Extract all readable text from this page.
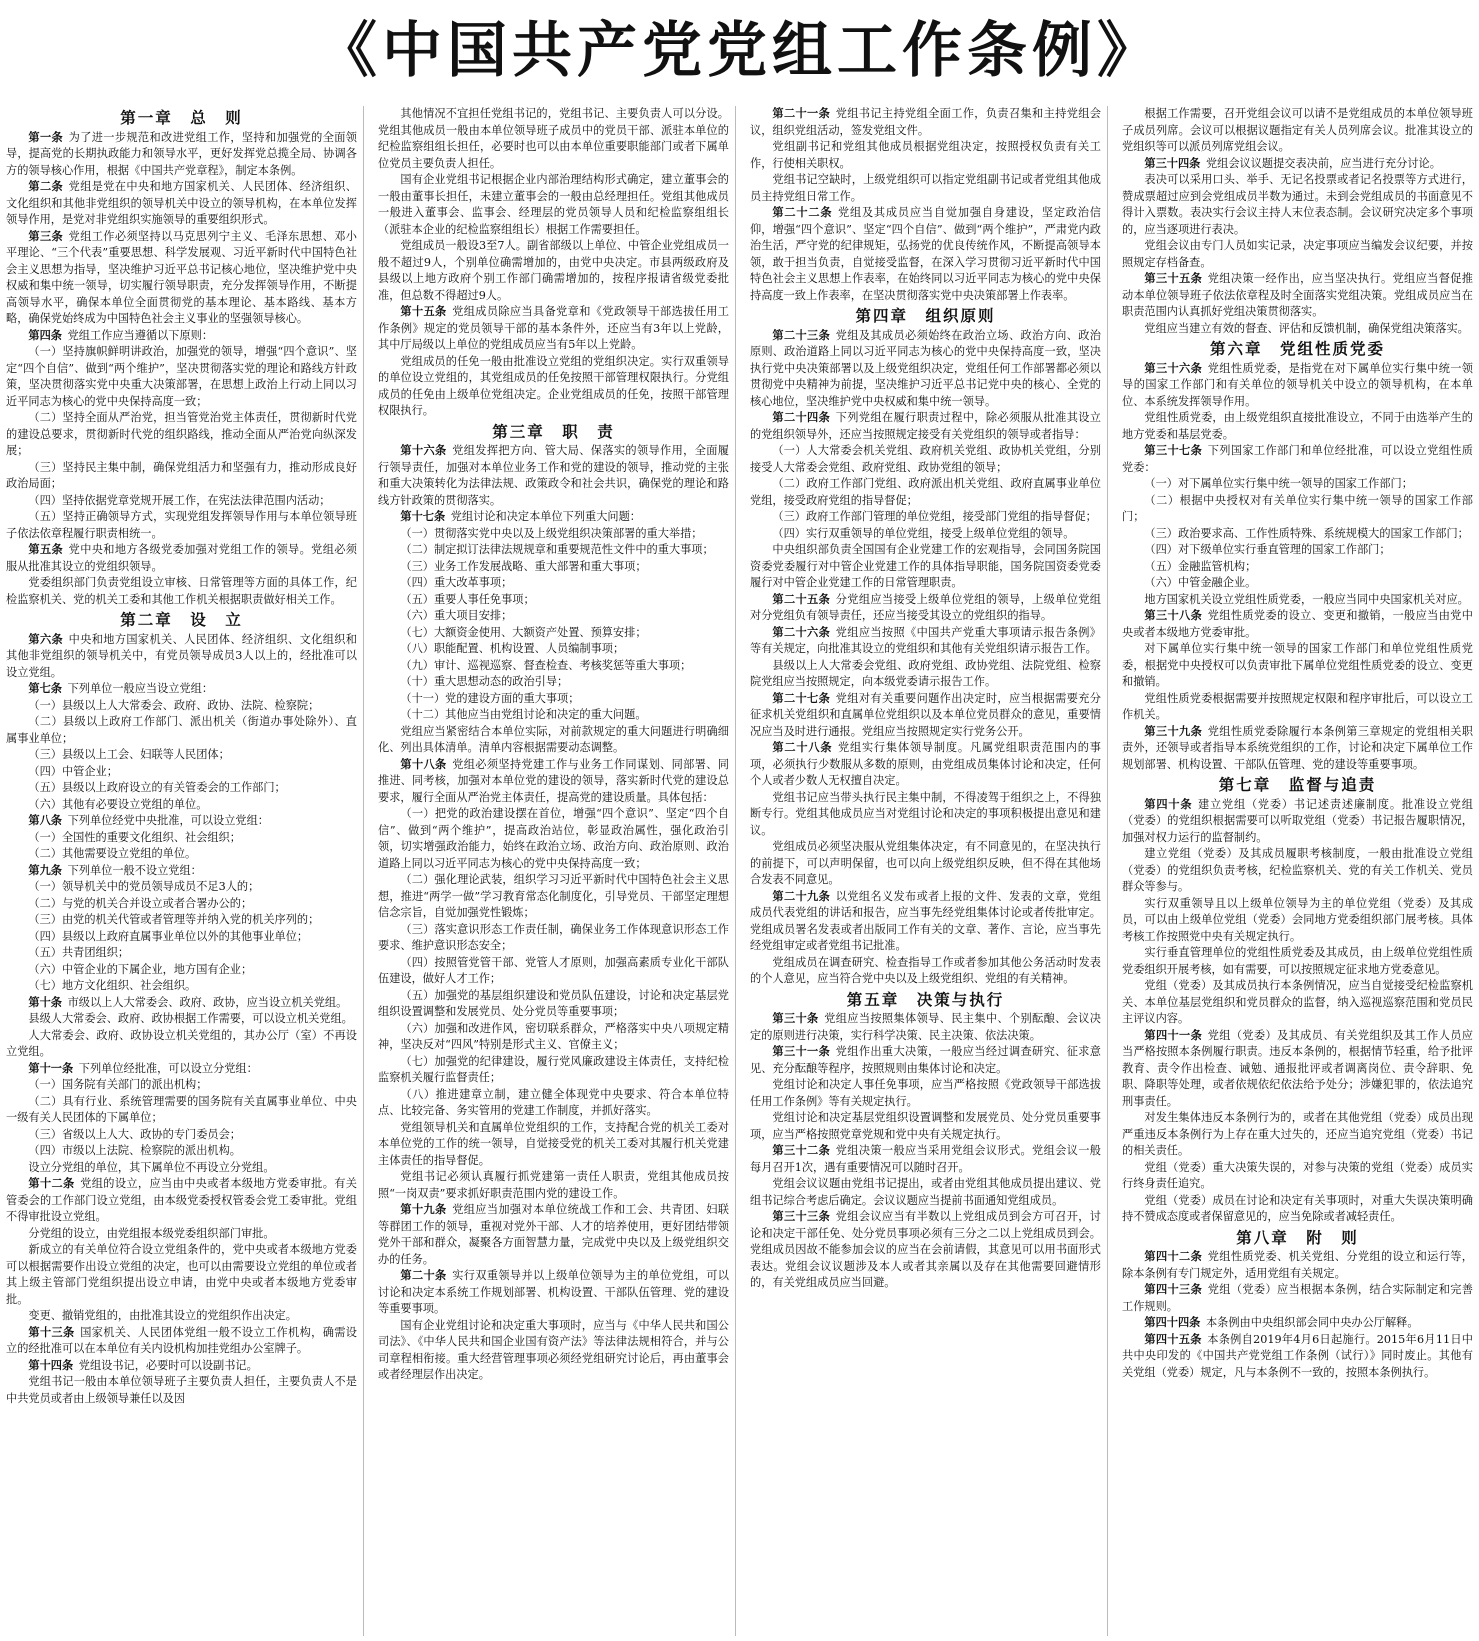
《中国共产党党组工作条例》
第一章　总　则

第一条 为了进一步规范和改进党组工作，坚持和加强党的全面领导，提高党的长期执政能力和领导水平，更好发挥党总揽全局、协调各方的领导核心作用，根据《中国共产党章程》，制定本条例。

第二条 党组是党在中央和地方国家机关、人民团体、经济组织、文化组织和其他非党组织的领导机关中设立的领导机构，在本单位发挥领导作用，是党对非党组织实施领导的重要组织形式。

第三条 党组工作必须坚持以马克思列宁主义、毛泽东思想、邓小平理论、“三个代表”重要思想、科学发展观、习近平新时代中国特色社会主义思想为指导，坚决维护习近平总书记核心地位，坚决维护党中央权威和集中统一领导，切实履行领导职责，充分发挥领导作用，不断提高领导水平，确保本单位全面贯彻党的基本理论、基本路线、基本方略，确保党始终成为中国特色社会主义事业的坚强领导核心。

第四条 党组工作应当遵循以下原则：

（一）坚持旗帜鲜明讲政治，加强党的领导，增强“四个意识”、坚定“四个自信”、做到“两个维护”，坚决贯彻落实党的理论和路线方针政策，坚决贯彻落实党中央重大决策部署，在思想上政治上行动上同以习近平同志为核心的党中央保持高度一致；

（二）坚持全面从严治党，担当管党治党主体责任，贯彻新时代党的建设总要求，贯彻新时代党的组织路线，推动全面从严治党向纵深发展；

（三）坚持民主集中制，确保党组活力和坚强有力，推动形成良好政治局面；

（四）坚持依据党章党规开展工作，在宪法法律范围内活动；

（五）坚持正确领导方式，实现党组发挥领导作用与本单位领导班子依法依章程履行职责相统一。

第五条 党中央和地方各级党委加强对党组工作的领导。党组必须服从批准其设立的党组织领导。

党委组织部门负责党组设立审核、日常管理等方面的具体工作，纪检监察机关、党的机关工委和其他工作机关根据职责做好相关工作。

第二章　设　立

第六条 中央和地方国家机关、人民团体、经济组织、文化组织和其他非党组织的领导机关中，有党员领导成员3人以上的，经批准可以设立党组。

第七条 下列单位一般应当设立党组：

（一）县级以上人大常委会、政府、政协、法院、检察院；

（二）县级以上政府工作部门、派出机关（街道办事处除外）、直属事业单位；

（三）县级以上工会、妇联等人民团体；

（四）中管企业；

（五）县级以上政府设立的有关管委会的工作部门；

（六）其他有必要设立党组的单位。

第八条 下列单位经党中央批准，可以设立党组：

（一）全国性的重要文化组织、社会组织；

（二）其他需要设立党组的单位。

第九条 下列单位一般不设立党组：

（一）领导机关中的党员领导成员不足3人的；

（二）与党的机关合并设立或者合署办公的；

（三）由党的机关代管或者管理等并纳入党的机关序列的；

（四）县级以上政府直属事业单位以外的其他事业单位；

（五）共青团组织；

（六）中管企业的下属企业，地方国有企业；

（七）地方文化组织、社会组织。

第十条 市级以上人大常委会、政府、政协，应当设立机关党组。

县级人大常委会、政府、政协根据工作需要，可以设立机关党组。

人大常委会、政府、政协设立机关党组的，其办公厅（室）不再设立党组。

第十一条 下列单位经批准，可以设立分党组：

（一）国务院有关部门的派出机构；

（二）具有行业、系统管理需要的国务院有关直属事业单位、中央一级有关人民团体的下属单位；

（三）省级以上人大、政协的专门委员会；

（四）市级以上法院、检察院的派出机构。

设立分党组的单位，其下属单位不再设立分党组。

第十二条 党组的设立，应当由中央或者本级地方党委审批。有关管委会的工作部门设立党组，由本级党委授权管委会党工委审批。党组不得审批设立党组。

分党组的设立，由党组报本级党委组织部门审批。

新成立的有关单位符合设立党组条件的，党中央或者本级地方党委可以根据需要作出设立党组的决定，也可以由需要设立党组的单位或者其上级主管部门党组织提出设立申请，由党中央或者本级地方党委审批。

变更、撤销党组的，由批准其设立的党组织作出决定。

第十三条 国家机关、人民团体党组一般不设立工作机构，确需设立的经批准可以在本单位有关内设机构加挂党组办公室牌子。

第十四条 党组设书记，必要时可以设副书记。

党组书记一般由本单位领导班子主要负责人担任，主要负责人不是中共党员或者由上级领导兼任以及因

其他情况不宜担任党组书记的，党组书记、主要负责人可以分设。党组其他成员一般由本单位领导班子成员中的党员干部、派驻本单位的纪检监察组组长担任，必要时也可以由本单位重要职能部门或者下属单位党员主要负责人担任。

国有企业党组书记根据企业内部治理结构形式确定，建立董事会的一般由董事长担任，未建立董事会的一般由总经理担任。党组其他成员一般进入董事会、监事会、经理层的党员领导人员和纪检监察组组长（派驻本企业的纪检监察组组长）根据工作需要担任。

党组成员一般设3至7人。副省部级以上单位、中管企业党组成员一般不超过9人，个别单位确需增加的，由党中央决定。市县两级政府及县级以上地方政府个别工作部门确需增加的，按程序报请省级党委批准，但总数不得超过9人。

第十五条 党组成员除应当具备党章和《党政领导干部选拔任用工作条例》规定的党员领导干部的基本条件外，还应当有3年以上党龄，其中厅局级以上单位的党组成员应当有5年以上党龄。

党组成员的任免一般由批准设立党组的党组织决定。实行双重领导的单位设立党组的，其党组成员的任免按照干部管理权限执行。分党组成员的任免由上级单位党组决定。企业党组成员的任免，按照干部管理权限执行。

第三章　职　责

第十六条 党组发挥把方向、管大局、保落实的领导作用，全面履行领导责任，加强对本单位业务工作和党的建设的领导，推动党的主张和重大决策转化为法律法规、政策政令和社会共识，确保党的理论和路线方针政策的贯彻落实。

第十七条 党组讨论和决定本单位下列重大问题：

（一）贯彻落实党中央以及上级党组织决策部署的重大举措；

（二）制定拟订法律法规规章和重要规范性文件中的重大事项；

（三）业务工作发展战略、重大部署和重大事项；

（四）重大改革事项；

（五）重要人事任免事项；

（六）重大项目安排；

（七）大额资金使用、大额资产处置、预算安排；

（八）职能配置、机构设置、人员编制事项；

（九）审计、巡视巡察、督查检查、考核奖惩等重大事项；

（十）重大思想动态的政治引导；

（十一）党的建设方面的重大事项；

（十二）其他应当由党组讨论和决定的重大问题。

党组应当紧密结合本单位实际，对前款规定的重大问题进行明确细化、列出具体清单。清单内容根据需要动态调整。

第十八条 党组必须坚持党建工作与业务工作同谋划、同部署、同推进、同考核，加强对本单位党的建设的领导，落实新时代党的建设总要求，履行全面从严治党主体责任，提高党的建设质量。具体包括：

（一）把党的政治建设摆在首位，增强“四个意识”、坚定“四个自信”、做到“两个维护”，提高政治站位，彰显政治属性，强化政治引领，切实增强政治能力，始终在政治立场、政治方向、政治原则、政治道路上同以习近平同志为核心的党中央保持高度一致；

（二）强化理论武装，组织学习习近平新时代中国特色社会主义思想，推进“两学一做”学习教育常态化制度化，引导党员、干部坚定理想信念宗旨，自觉加强党性锻炼；

（三）落实意识形态工作责任制，确保业务工作体现意识形态工作要求、维护意识形态安全；

（四）按照管党管干部、党管人才原则，加强高素质专业化干部队伍建设，做好人才工作；

（五）加强党的基层组织建设和党员队伍建设，讨论和决定基层党组织设置调整和发展党员、处分党员等重要事项；

（六）加强和改进作风，密切联系群众，严格落实中央八项规定精神，坚决反对“四风”特别是形式主义、官僚主义；

（七）加强党的纪律建设，履行党风廉政建设主体责任，支持纪检监察机关履行监督责任；

（八）推进建章立制，建立健全体现党中央要求、符合本单位特点、比较完备、务实管用的党建工作制度，并抓好落实。

党组领导机关和直属单位党组织的工作，支持配合党的机关工委对本单位党的工作的统一领导，自觉接受党的机关工委对其履行机关党建主体责任的指导督促。

党组书记必须认真履行抓党建第一责任人职责，党组其他成员按照“一岗双责”要求抓好职责范围内党的建设工作。

第十九条 党组应当加强对本单位统战工作和工会、共青团、妇联等群团工作的领导，重视对党外干部、人才的培养使用，更好团结带领党外干部和群众，凝聚各方面智慧力量，完成党中央以及上级党组织交办的任务。

第二十条 实行双重领导并以上级单位领导为主的单位党组，可以讨论和决定本系统工作规划部署、机构设置、干部队伍管理、党的建设等重要事项。

国有企业党组讨论和决定重大事项时，应当与《中华人民共和国公司法》、《中华人民共和国企业国有资产法》等法律法规相符合，并与公司章程相衔接。重大经营管理事项必须经党组研究讨论后，再由董事会或者经理层作出决定。

第二十一条 党组书记主持党组全面工作，负责召集和主持党组会议，组织党组活动，签发党组文件。

党组副书记和党组其他成员根据党组决定，按照授权负责有关工作，行使相关职权。

党组书记空缺时，上级党组织可以指定党组副书记或者党组其他成员主持党组日常工作。

第二十二条 党组及其成员应当自觉加强自身建设，坚定政治信仰，增强“四个意识”、坚定“四个自信”、做到“两个维护”，严肃党内政治生活，严守党的纪律规矩，弘扬党的优良传统作风，不断提高领导本领，敢于担当负责，自觉接受监督，在深入学习贯彻习近平新时代中国特色社会主义思想上作表率，在始终同以习近平同志为核心的党中央保持高度一致上作表率，在坚决贯彻落实党中央决策部署上作表率。

第四章　组织原则

第二十三条 党组及其成员必须始终在政治立场、政治方向、政治原则、政治道路上同以习近平同志为核心的党中央保持高度一致，坚决执行党中央决策部署以及上级党组织决定，党组任何工作部署都必须以贯彻党中央精神为前提，坚决维护习近平总书记党中央的核心、全党的核心地位，坚决维护党中央权威和集中统一领导。

第二十四条 下列党组在履行职责过程中，除必须服从批准其设立的党组织领导外，还应当按照规定接受有关党组织的领导或者指导：

（一）人大常委会机关党组、政府机关党组、政协机关党组，分别接受人大常委会党组、政府党组、政协党组的领导；

（二）政府工作部门党组、政府派出机关党组、政府直属事业单位党组，接受政府党组的指导督促；

（三）政府工作部门管理的单位党组，接受部门党组的指导督促；

（四）实行双重领导的单位党组，接受上级单位党组的领导。

中央组织部负责全国国有企业党建工作的宏观指导，会同国务院国资委党委履行对中管企业党建工作的具体指导职能，国务院国资委党委履行对中管企业党建工作的日常管理职责。

第二十五条 分党组应当接受上级单位党组的领导，上级单位党组对分党组负有领导责任，还应当接受其设立的党组织的指导。

第二十六条 党组应当按照《中国共产党重大事项请示报告条例》等有关规定，向批准其设立的党组织和其他有关党组织请示报告工作。

县级以上人大常委会党组、政府党组、政协党组、法院党组、检察院党组应当按照规定，向本级党委请示报告工作。

第二十七条 党组对有关重要问题作出决定时，应当根据需要充分征求机关党组织和直属单位党组织以及本单位党员群众的意见，重要情况应当及时进行通报。党组应当按照规定实行党务公开。

第二十八条 党组实行集体领导制度。凡属党组职责范围内的事项，必须执行少数服从多数的原则，由党组成员集体讨论和决定，任何个人或者少数人无权擅自决定。

党组书记应当带头执行民主集中制，不得凌驾于组织之上，不得独断专行。党组其他成员应当对党组讨论和决定的事项积极提出意见和建议。

党组成员必须坚决服从党组集体决定，有不同意见的，在坚决执行的前提下，可以声明保留，也可以向上级党组织反映，但不得在其他场合发表不同意见。

第二十九条 以党组名义发布或者上报的文件、发表的文章，党组成员代表党组的讲话和报告，应当事先经党组集体讨论或者传批审定。党组成员署名发表或者出版同工作有关的文章、著作、言论，应当事先经党组审定或者党组书记批准。

党组成员在调查研究、检查指导工作或者参加其他公务活动时发表的个人意见，应当符合党中央以及上级党组织、党组的有关精神。

第五章　决策与执行

第三十条 党组应当按照集体领导、民主集中、个别酝酿、会议决定的原则进行决策，实行科学决策、民主决策、依法决策。

第三十一条 党组作出重大决策，一般应当经过调查研究、征求意见、充分酝酿等程序，按照规则由集体讨论和决定。

党组讨论和决定人事任免事项，应当严格按照《党政领导干部选拔任用工作条例》等有关规定执行。

党组讨论和决定基层党组织设置调整和发展党员、处分党员重要事项，应当严格按照党章党规和党中央有关规定执行。

第三十二条 党组决策一般应当采用党组会议形式。党组会议一般每月召开1次，遇有重要情况可以随时召开。

党组会议议题由党组书记提出，或者由党组其他成员提出建议、党组书记综合考虑后确定。会议议题应当提前书面通知党组成员。

第三十三条 党组会议应当有半数以上党组成员到会方可召开，讨论和决定干部任免、处分党员事项必须有三分之二以上党组成员到会。党组成员因故不能参加会议的应当在会前请假，其意见可以用书面形式表达。党组会议议题涉及本人或者其亲属以及存在其他需要回避情形的，有关党组成员应当回避。

根据工作需要，召开党组会议可以请不是党组成员的本单位领导班子成员列席。会议可以根据议题指定有关人员列席会议。批准其设立的党组织等可以派员列席党组会议。

第三十四条 党组会议议题提交表决前，应当进行充分讨论。

表决可以采用口头、举手、无记名投票或者记名投票等方式进行，赞成票超过应到会党组成员半数为通过。未到会党组成员的书面意见不得计入票数。表决实行会议主持人末位表态制。会议研究决定多个事项的，应当逐项进行表决。

党组会议由专门人员如实记录，决定事项应当编发会议纪要，并按照规定存档备查。

第三十五条 党组决策一经作出，应当坚决执行。党组应当督促推动本单位领导班子依法依章程及时全面落实党组决策。党组成员应当在职责范围内认真抓好党组决策贯彻落实。

党组应当建立有效的督查、评估和反馈机制，确保党组决策落实。

第六章　党组性质党委

第三十六条 党组性质党委，是指党在对下属单位实行集中统一领导的国家工作部门和有关单位的领导机关中设立的领导机构，在本单位、本系统发挥领导作用。

党组性质党委，由上级党组织直接批准设立，不同于由选举产生的地方党委和基层党委。

第三十七条 下列国家工作部门和单位经批准，可以设立党组性质党委：

（一）对下属单位实行集中统一领导的国家工作部门；

（二）根据中央授权对有关单位实行集中统一领导的国家工作部门；

（三）政治要求高、工作性质特殊、系统规模大的国家工作部门；

（四）对下级单位实行垂直管理的国家工作部门；

（五）金融监管机构；

（六）中管金融企业。

地方国家机关设立党组性质党委，一般应当同中央国家机关对应。

第三十八条 党组性质党委的设立、变更和撤销，一般应当由党中央或者本级地方党委审批。

对下属单位实行集中统一领导的国家工作部门和单位党组性质党委，根据党中央授权可以负责审批下属单位党组性质党委的设立、变更和撤销。

党组性质党委根据需要并按照规定权限和程序审批后，可以设立工作机关。

第三十九条 党组性质党委除履行本条例第三章规定的党组相关职责外，还领导或者指导本系统党组织的工作，讨论和决定下属单位工作规划部署、机构设置、干部队伍管理、党的建设等重要事项。

第七章　监督与追责

第四十条 建立党组（党委）书记述责述廉制度。批准设立党组（党委）的党组织根据需要可以听取党组（党委）书记报告履职情况，加强对权力运行的监督制约。

建立党组（党委）及其成员履职考核制度，一般由批准设立党组（党委）的党组织负责考核，纪检监察机关、党的有关工作机关、党员群众等参与。

实行双重领导且以上级单位领导为主的单位党组（党委）及其成员，可以由上级单位党组（党委）会同地方党委组织部门展考核。具体考核工作按照党中央有关规定执行。

实行垂直管理单位的党组性质党委及其成员，由上级单位党组性质党委组织开展考核，如有需要，可以按照规定征求地方党委意见。

党组（党委）及其成员执行本条例情况，应当自觉接受纪检监察机关、本单位基层党组织和党员群众的监督，纳入巡视巡察范围和党员民主评议内容。

第四十一条 党组（党委）及其成员、有关党组织及其工作人员应当严格按照本条例履行职责。违反本条例的，根据情节轻重，给予批评教育、责令作出检查、诫勉、通报批评或者调离岗位、责令辞职、免职、降职等处理，或者依规依纪依法给予处分；涉嫌犯罪的，依法追究刑事责任。

对发生集体违反本条例行为的，或者在其他党组（党委）成员出现严重违反本条例行为上存在重大过失的，还应当追究党组（党委）书记的相关责任。

党组（党委）重大决策失误的，对参与决策的党组（党委）成员实行终身责任追究。

党组（党委）成员在讨论和决定有关事项时，对重大失误决策明确持不赞成态度或者保留意见的，应当免除或者减轻责任。

第八章　附　则

第四十二条 党组性质党委、机关党组、分党组的设立和运行等，除本条例有专门规定外，适用党组有关规定。

第四十三条 党组（党委）应当根据本条例，结合实际制定和完善工作规则。

第四十四条 本条例由中央组织部会同中央办公厅解释。

第四十五条 本条例自2019年4月6日起施行。2015年6月11日中共中央印发的《中国共产党党组工作条例（试行）》同时废止。其他有关党组（党委）规定，凡与本条例不一致的，按照本条例执行。
